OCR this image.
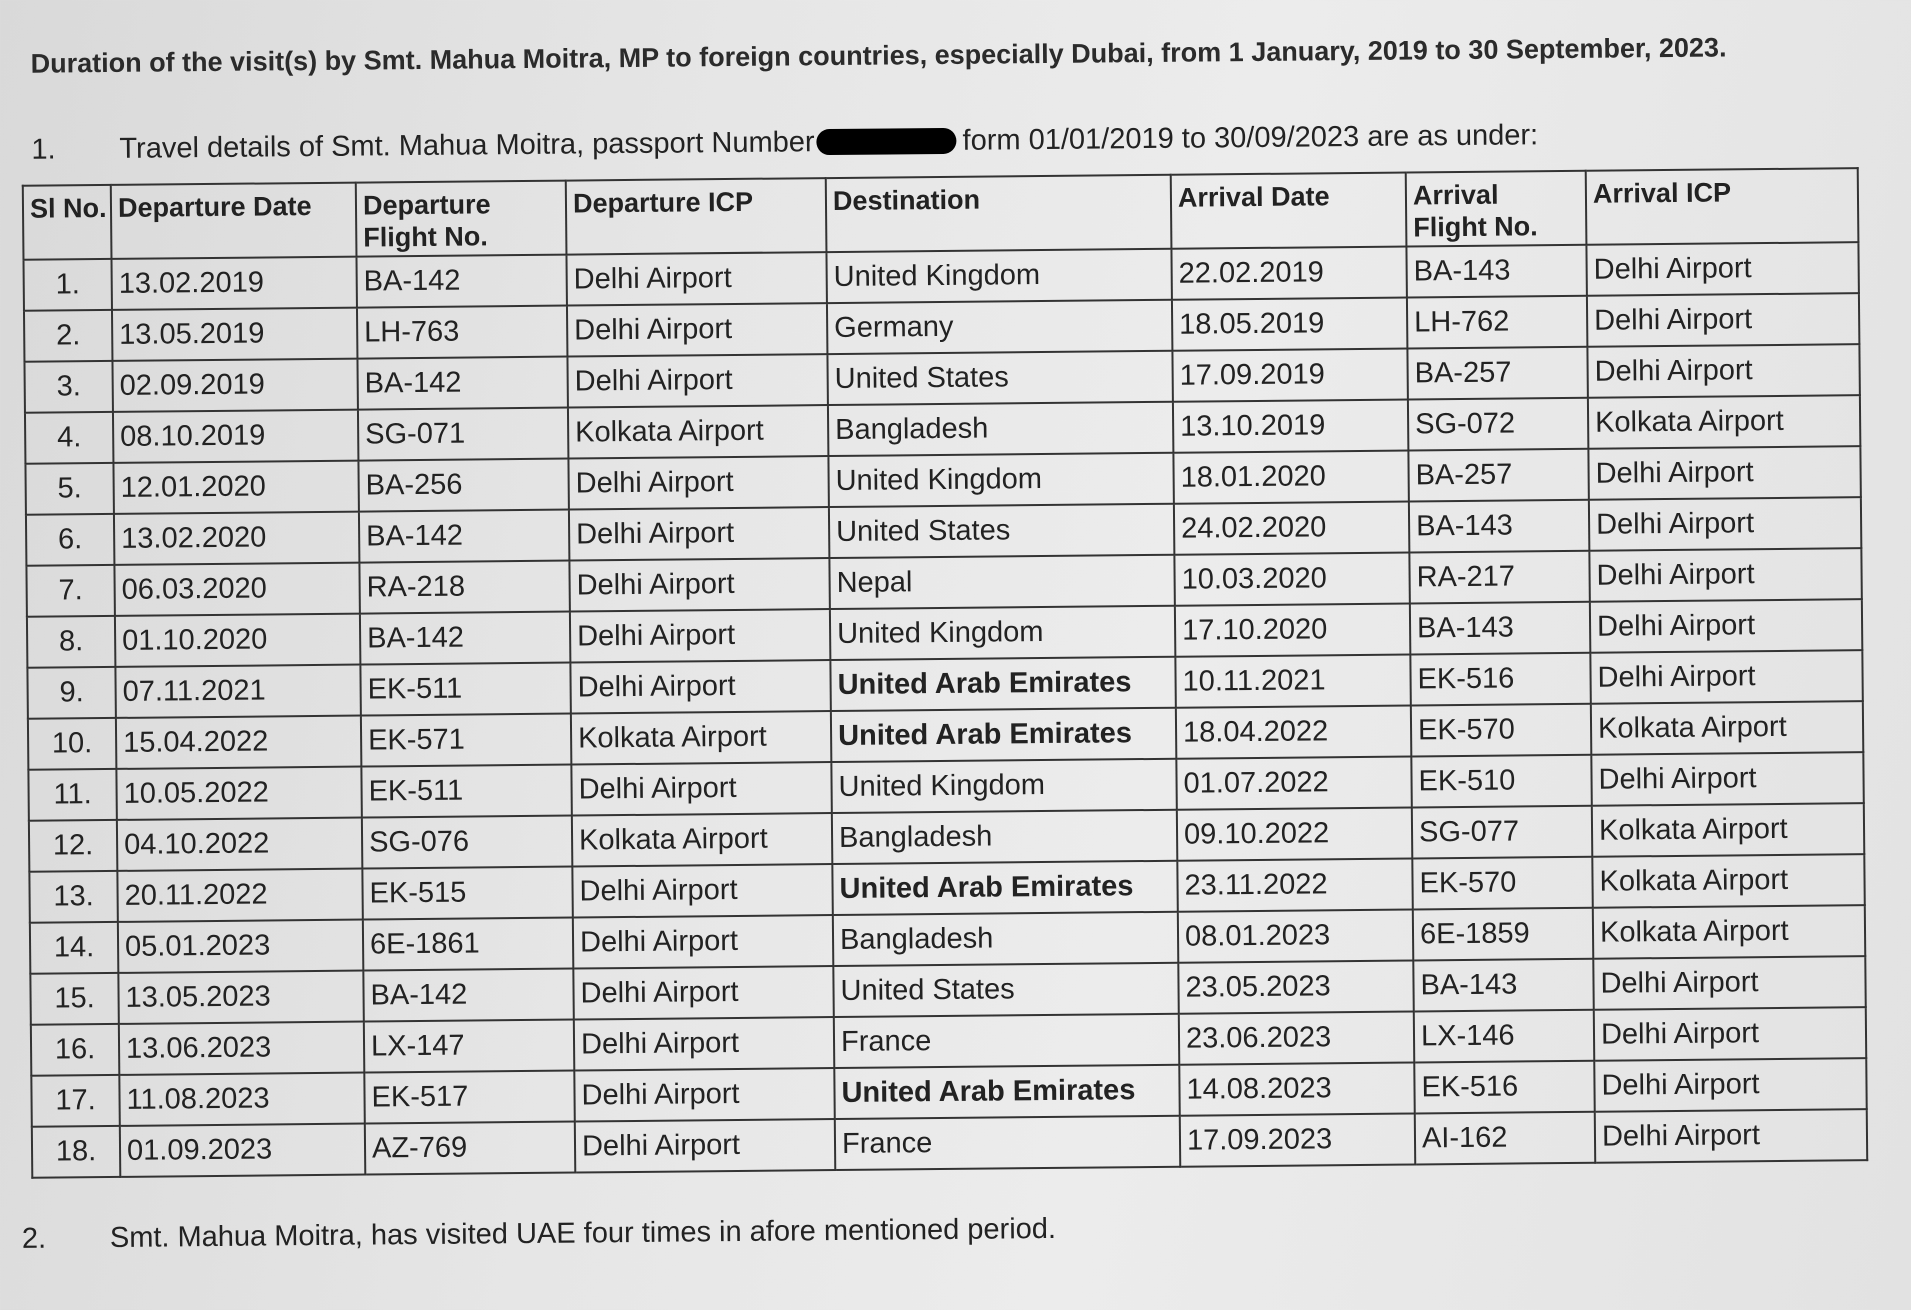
Duration of the visit(s) by Smt. Mahua Moitra, MP to foreign countries, especially Dubai, from 1 January, 2019 to 30 September, 2023.
1. Travel details of Smt. Mahua Moitra, passport Number	form 01/01/2019 to 30/09/2023 are as under:
Sl No.	Departure Date	Departure Flight No.	Departure ICP	Destination	Arrival Date	Arrival Flight No.	Arrival ICP
1.	13.02.2019	BA-142	Delhi Airport	United Kingdom	22.02.2019	BA-143	Delhi Airport
2.	13.05.2019	LH-763	Delhi Airport	Germany	18.05.2019	LH-762	Delhi Airport
3.	02.09.2019	BA-142	Delhi Airport	United States	17.09.2019	BA-257	Delhi Airport
4.	08.10.2019	SG-071	Kolkata Airport	Bangladesh	13.10.2019	SG-072	Kolkata Airport
5.	12.01.2020	BA-256	Delhi Airport	United Kingdom	18.01.2020	BA-257	Delhi Airport
6.	13.02.2020	BA-142	Delhi Airport	United States	24.02.2020	BA-143	Delhi Airport
7.	06.03.2020	RA-218	Delhi Airport	Nepal	10.03.2020	RA-217	Delhi Airport
8.	01.10.2020	BA-142	Delhi Airport	United Kingdom	17.10.2020	BA-143	Delhi Airport
9.	07.11.2021	EK-511	Delhi Airport	United Arab Emirates	10.11.2021	EK-516	Delhi Airport
10.	15.04.2022	EK-571	Kolkata Airport	United Arab Emirates	18.04.2022	EK-570	Kolkata Airport
11.	10.05.2022	EK-511	Delhi Airport	United Kingdom	01.07.2022	EK-510	Delhi Airport
12.	04.10.2022	SG-076	Kolkata Airport	Bangladesh	09.10.2022	SG-077	Kolkata Airport
13.	20.11.2022	EK-515	Delhi Airport	United Arab Emirates	23.11.2022	EK-570	Kolkata Airport
14.	05.01.2023	6E-1861	Delhi Airport	Bangladesh	08.01.2023	6E-1859	Kolkata Airport
15.	13.05.2023	BA-142	Delhi Airport	United States	23.05.2023	BA-143	Delhi Airport
16.	13.06.2023	LX-147	Delhi Airport	France	23.06.2023	LX-146	Delhi Airport
17.	11.08.2023	EK-517	Delhi Airport	United Arab Emirates	14.08.2023	EK-516	Delhi Airport
18.	01.09.2023	AZ-769	Delhi Airport	France	17.09.2023	AI-162	Delhi Airport
2. Smt. Mahua Moitra, has visited UAE four times in afore mentioned period.
